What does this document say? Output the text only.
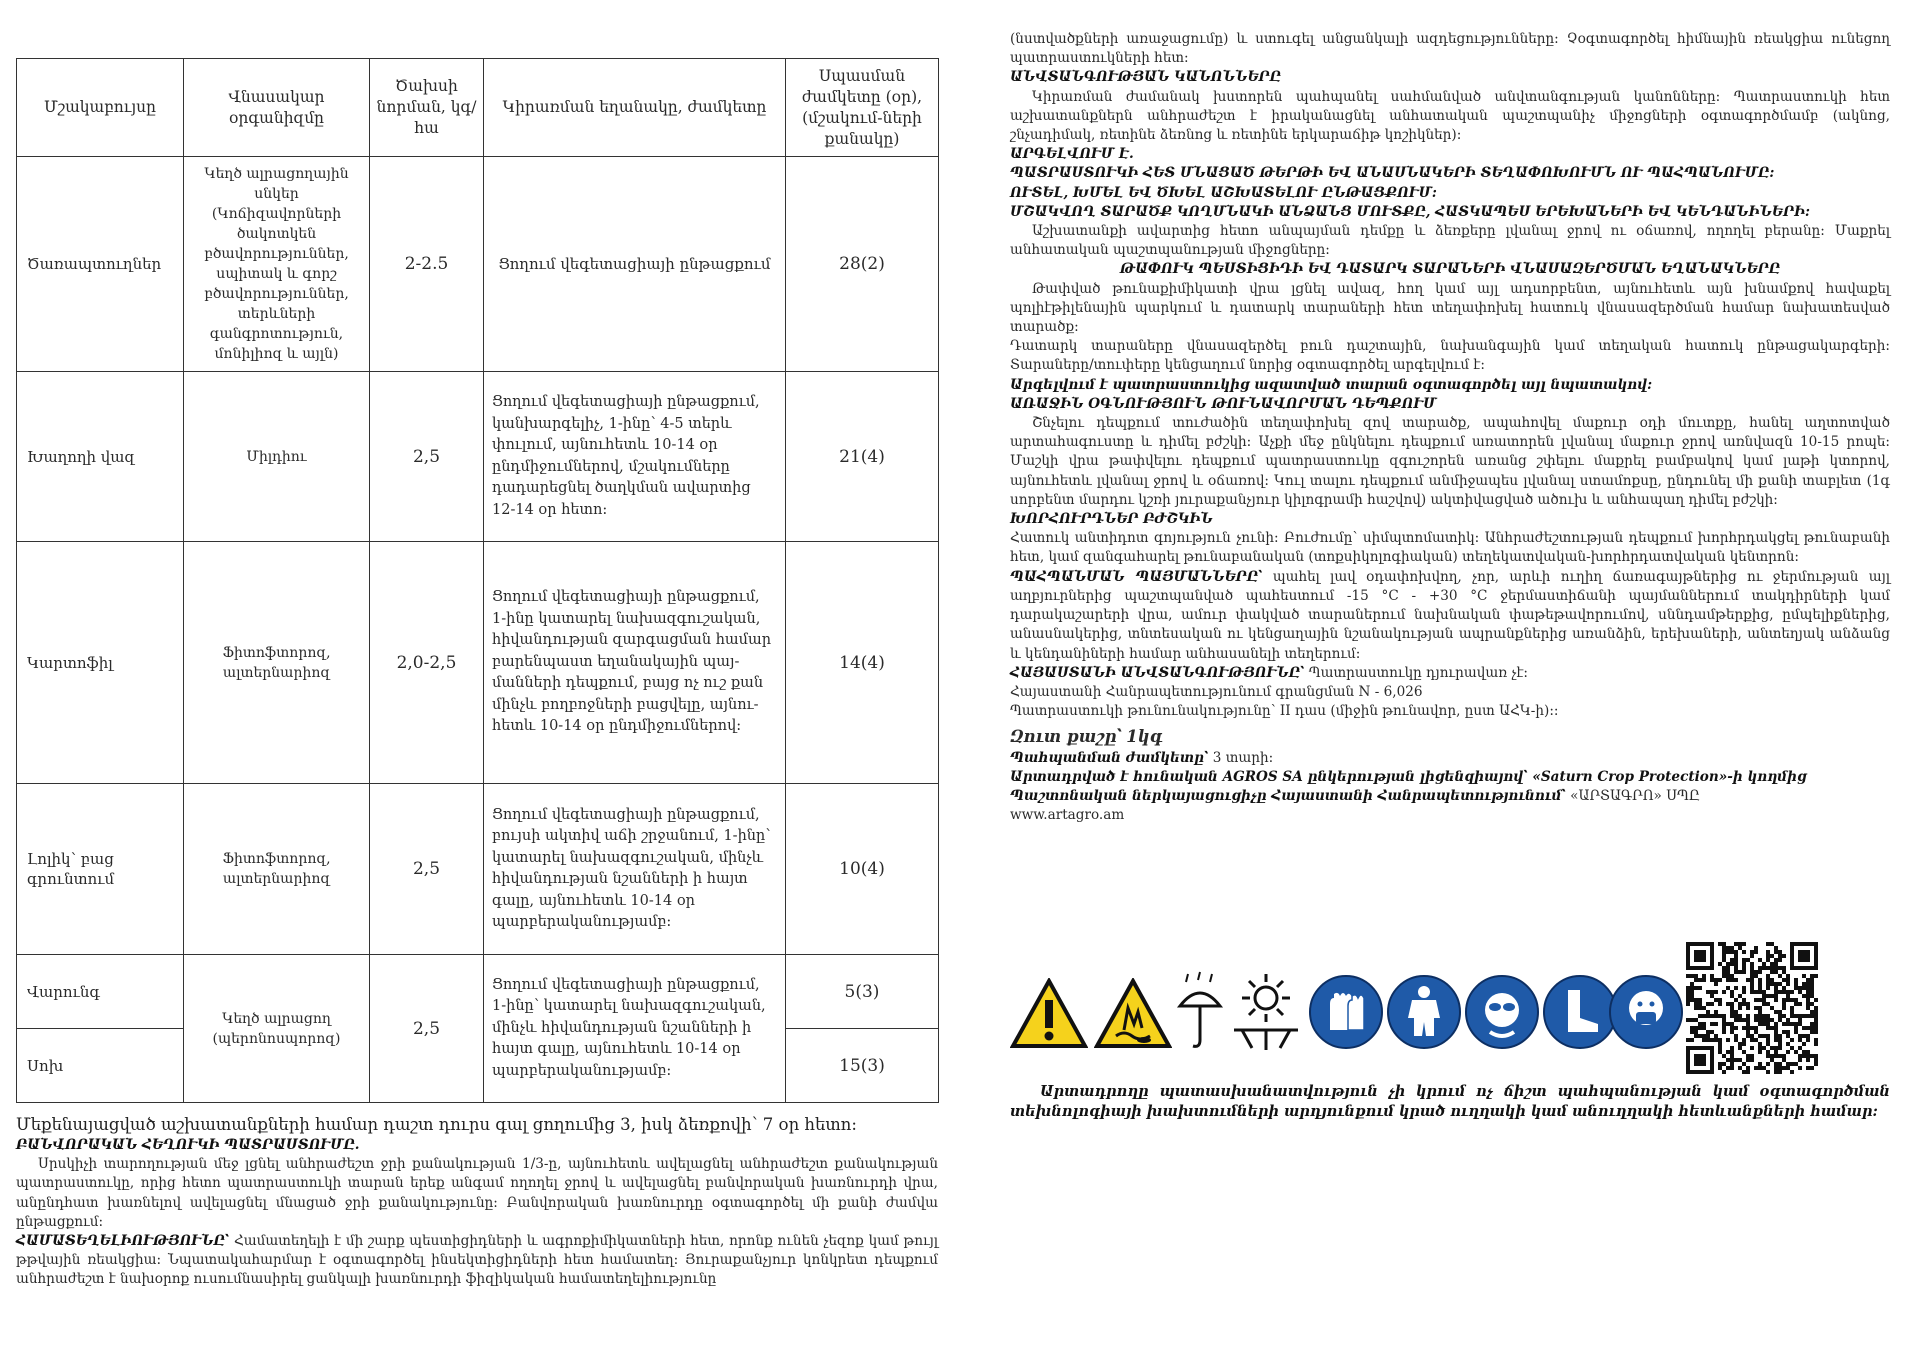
Մշակաբույսը	Վնասակար օրգանիզմը	Ծախսի նորման, կգ/հա	Կիրառման եղանակը, ժամկետը	Սպասման ժամկետը (օր), (մշակում-ների քանակը)
Ծառապտուղներ	Կեղծ ալրացողային սնկեր (Կոճիզավորների ծակոտկեն բծավորություններ, սպիտակ և գորշ բծավորություններ, տերևների գանգրոտություն, մոնիլիոզ և այլն)	2-2.5	Ցողում վեգետացիայի ընթացքում	28(2)
Խաղողի վազ	Միլդիու	2,5	Ցողում վեգետացիայի ընթացքում, կանխարգելիչ, 1-ինը՝ 4-5 տերև փուլում, այնուհետև 10-14 օր ընդմիջումներով, մշակումները դադարեցնել ծաղկման ավարտից 12-14 օր հետո:	21(4)
Կարտոֆիլ	Ֆիտոֆտորոզ, ալտերնարիոզ	2,0-2,5	Ցողում վեգետացիայի ընթացքում, 1-ինը կատարել նախազգուշական, հիվանդության զարգացման համար բարենպաստ եղանակային պայ-մանների դեպքում, բայց ոչ ուշ քան մինչև բողբոջների բացվելը, այնու-հետև 10-14 օր ընդմիջումներով:	14(4)
Լոլիկ՝ բաց գրունտում	Ֆիտոֆտորոզ, ալտերնարիոզ	2,5	Ցողում վեգետացիայի ընթացքում, բույսի ակտիվ աճի շրջանում, 1-ինը՝ կատարել նախազգուշական, մինչև հիվանդության նշանների ի հայտ գալը, այնուհետև 10-14 օր պարբերականությամբ:	10(4)
Վարունգ	Կեղծ ալրացող (պերոնոսպորոզ)	2,5	Ցողում վեգետացիայի ընթացքում, 1-ինը՝ կատարել նախազգուշական, մինչև հիվանդության նշանների ի հայտ գալը, այնուհետև 10-14 օր պարբերականությամբ:	5(3)
Սոխ				15(3)
Մեքենայացված աշխատանքների համար դաշտ դուրս գալ ցողումից 3, իսկ ձեռքովի՝ 7 օր հետո:
ԲԱՆՎՈՐԱԿԱՆ ՀԵՂՈՒԿԻ ՊԱՏՐԱՍՏՈՒՄԸ.

Սրսկիչի տարողության մեջ լցնել անհրաժեշտ ջրի քանակության 1/3-ը, այնուհետև ավելացնել անհրաժեշտ քանակության պատրաստուկը, որից հետո պատրաստուկի տարան երեք անգամ ողողել ջրով և ավելացնել բանվորական խառնուրդի վրա, անընդհատ խառնելով ավելացնել մնացած ջրի քանակությունը: Բանվորական խառնուրդը օգտագործել մի քանի ժամվա ընթացքում:

ՀԱՄԱՏԵՂԵԼԻՈՒԹՅՈՒՆԸ՝ Համատեղելի է մի շարք պեստիցիդների և ագրոքիմիկատների հետ, որոնք ունեն չեզոք կամ թույլ թթվային ռեակցիա: Նպատակահարմար է օգտագործել ինսեկտիցիդների հետ համատեղ: Յուրաքանչյուր կոնկրետ դեպքում անհրաժեշտ է նախօրոք ուսումնասիրել ցանկալի խառնուրդի ֆիզիկական համատեղելիությունը

(նստվածքների առաջացումը) և ստուգել անցանկալի ազդեցությունները: Չօգտագործել հիմնային ռեակցիա ունեցող պատրաստուկների հետ:

ԱՆՎՏԱՆԳՈՒԹՅԱՆ ԿԱՆՈՆՆԵՐԸ

Կիրառման ժամանակ խստորեն պահպանել սահմանված անվտանգության կանոնները: Պատրաստուկի հետ աշխատանքներն անհրաժեշտ է իրականացնել անհատական պաշտպանիչ միջոցների օգտագործմամբ (ակնոց, շնչադիմակ, ռետինե ձեռնոց և ռետինե երկարաճիթ կոշիկներ):

ԱՐԳԵԼՎՈՒՄ Է.
ՊԱՏՐԱՍՏՈՒԿԻ ՀԵՏ ՄՆԱՑԱԾ ԹԵՐԹԻ ԵՎ ԱՆԱՍՆԱԿԵՐԻ ՏԵՂԱՓՈԽՈՒՄՆ ՈՒ ՊԱՀՊԱՆՈՒՄԸ:
ՈՒՏԵԼ, ԽՄԵԼ ԵՎ ԾԽԵԼ ԱՇԽԱՏԵԼՈՒ ԸՆԹԱՑՔՈՒՄ:
ՄՇԱԿՎՈՂ ՏԱՐԱԾՔ ԿՈՂՄՆԱԿԻ ԱՆՁԱՆՑ ՄՈՒՏՔԸ, ՀԱՏԿԱՊԵՍ ԵՐԵԽԱՆԵՐԻ ԵՎ ԿԵՆԴԱՆԻՆԵՐԻ:

Աշխատանքի ավարտից հետո անպայման դեմքը և ձեռքերը լվանալ ջրով ու օճառով, ողողել բերանը: Մաքրել անհատական պաշտպանության միջոցները:

ԹԱՓՈՒԿ ՊԵՍՏԻՑԻԴԻ ԵՎ ԴԱՏԱՐԿ ՏԱՐԱՆԵՐԻ ՎՆԱՍԱԶԵՐԾՄԱՆ ԵՂԱՆԱԿՆԵՐԸ

Թափված թունաքիմիկատի վրա լցնել ավազ, հող կամ այլ ադսորբենտ, այնուհետև այն խնամքով հավաքել պոլիէթիլենային պարկում և դատարկ տարաների հետ տեղափոխել հատուկ վնասազերծման համար նախատեսված տարածք:

Դատարկ տարաները վնասազերծել բուն դաշտային, նախանգային կամ տեղական հատուկ ընթացակարգերի: Տարաները/տուփերը կենցաղում նորից օգտագործել արգելվում է:

Արգելվում է պատրաստուկից ազատված տարան օգտագործել այլ նպատակով:
ԱՌԱՋԻՆ ՕԳՆՈՒԹՅՈՒՆ ԹՈՒՆԱՎՈՐՄԱՆ ԴԵՊՔՈՒՄ

Շնչելու դեպքում տուժածին տեղափոխել զով տարածք, ապահովել մաքուր օդի մուտքը, հանել աղտոտված արտահագուստը և դիմել բժշկի: Աչքի մեջ ընկնելու դեպքում առատորեն լվանալ մաքուր ջրով առնվազն 10-15 րոպե: Մաշկի վրա թափվելու դեպքում պատրաստուկը զգուշորեն առանց շփելու մաքրել բամբակով կամ լաթի կտորով, այնուհետև լվանալ ջրով և օճառով: Կուլ տալու դեպքում անմիջապես լվանալ ստամոքսը, ընդունել մի քանի տաբլետ (1գ սորբենտ մարդու կշռի յուրաքանչյուր կիլոգրամի հաշվով) ակտիվացված ածուխ և անհապաղ դիմել բժշկի:

ԽՈՐՀՈՒՐԴՆԵՐ ԲԺՇԿԻՆ

Հատուկ անտիդոտ գոյություն չունի: Բուժումը՝ սիմպտոմատիկ: Անհրաժեշտության դեպքում խորհրդակցել թունաբանի հետ, կամ զանգահարել թունաբանական (տոքսիկոլոգիական) տեղեկատվական-խորհրդատվական կենտրոն:

ՊԱՀՊԱՆՄԱՆ ՊԱՅՄԱՆՆԵՐԸ՝ պահել լավ օդափոխվող, չոր, արևի ուղիղ ճառագայթներից ու ջերմության այլ աղբյուրներից պաշտպանված պահեստում -15 °C - +30 °C ջերմաստիճանի պայմաններում տակդիրների կամ դարակաշարերի վրա, ամուր փակված տարաներում նախնական փաթեթավորումով, սննդամթերքից, ըմպելիքներից, անասնակերից, տնտեսական ու կենցաղային նշանակության ապրանքներից առանձին, երեխաների, անտեղյակ անձանց և կենդանիների համար անհասանելի տեղերում:

ՀԱՅԱՍՏԱՆԻ ԱՆՎՏԱՆԳՈՒԹՅՈՒՆԸ՝ Պատրաստուկը դյուրավառ չէ:

Հայաստանի Հանրապետությունում գրանցման N - 6,026

Պատրաստուկի թունունակությունը՝ II դաս (միջին թունավոր, ըստ ԱՀԿ-ի)::

Զուտ քաշը՝ 1կգ

Պահպանման ժամկետը՝ 3 տարի:

Արտադրված է հունական AGROS SA ընկերության լիցենզիայով՝ «Saturn Crop Protection»-ի կողմից

Պաշտոնական ներկայացուցիչը Հայաստանի Հանրապետությունում՝ «ԱՐՏԱԳՐՈ» ՍՊԸ

www.artagro.am
Արտադրողը պատասխանատվություն չի կրում ոչ ճիշտ պահպանության կամ օգտագործման տեխնոլոգիայի խախտումների արդյունքում կրած ուղղակի կամ անուղղակի հետևանքների համար:
